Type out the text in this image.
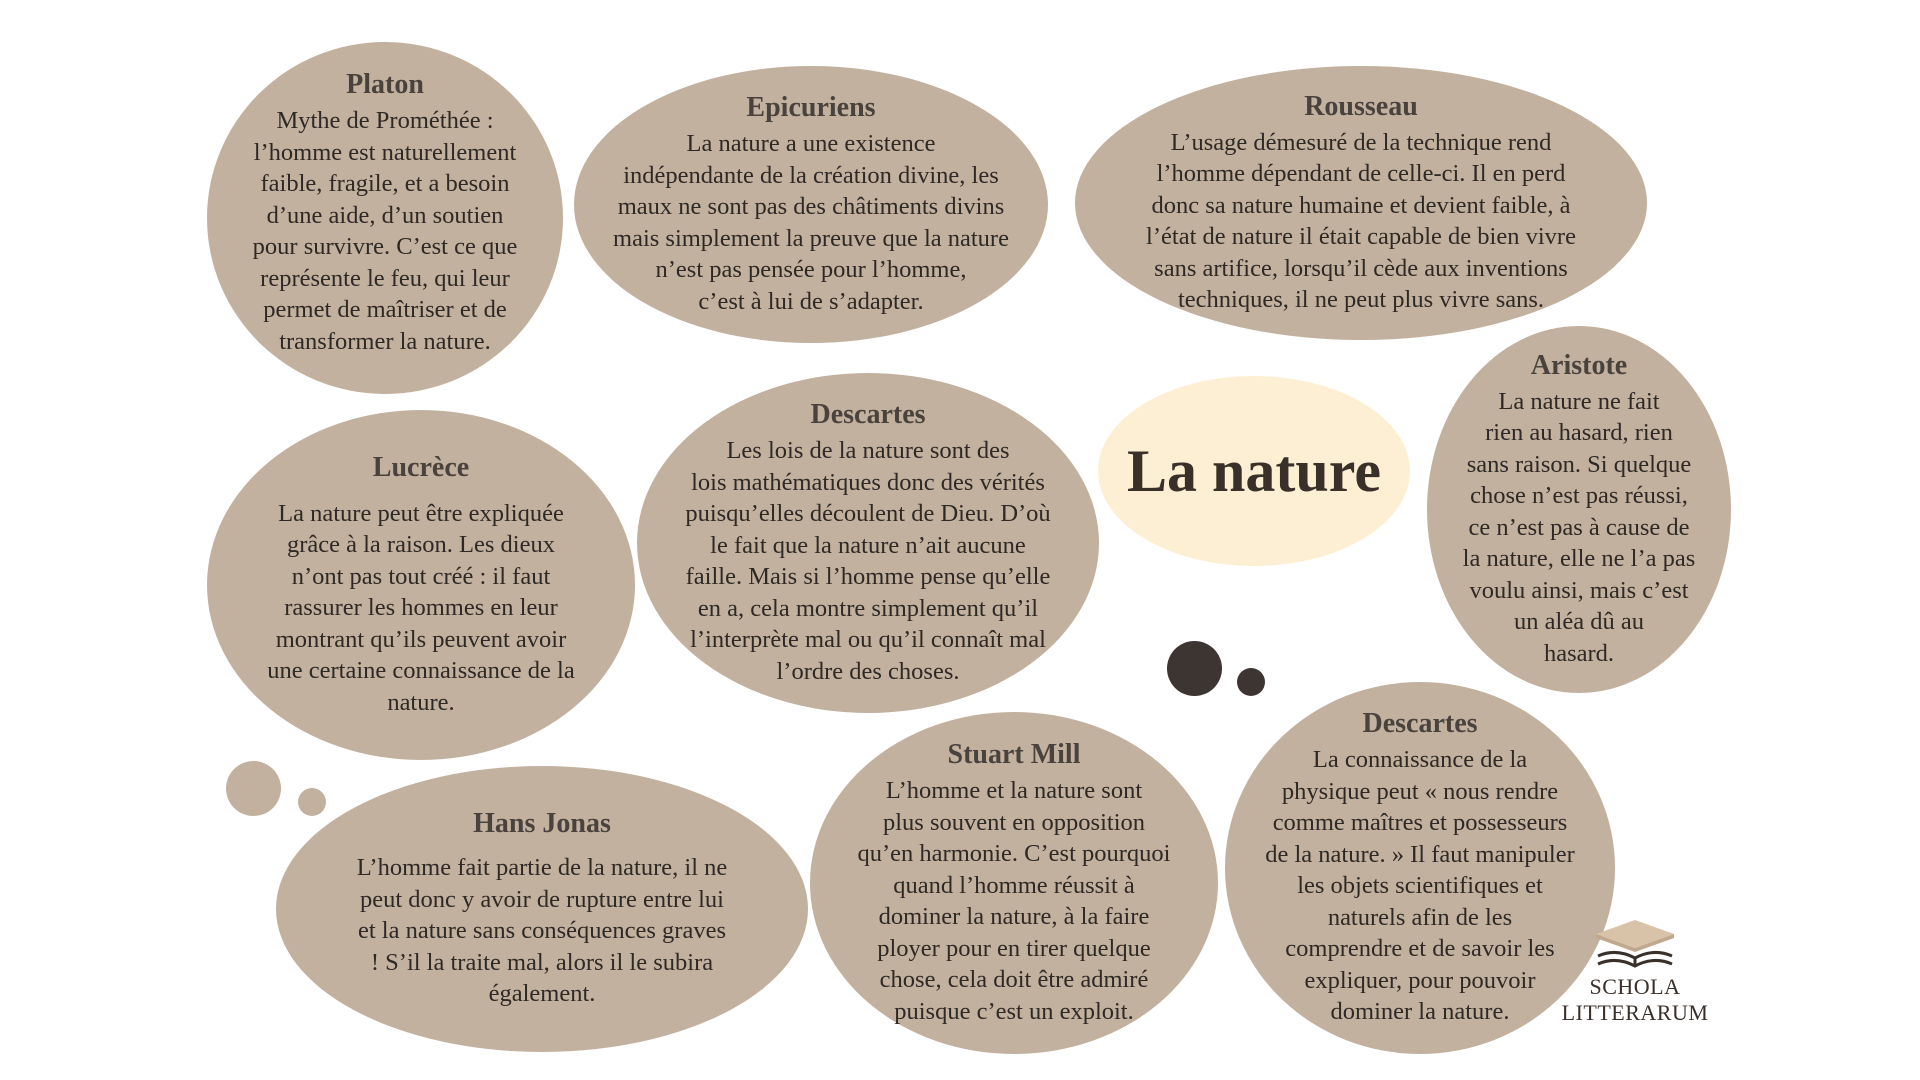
La nature
Platon
Mythe de Prométhée :
l’homme est naturellement
faible, fragile, et a besoin
d’une aide, d’un soutien
pour survivre. C’est ce que
représente le feu, qui leur
permet de maîtriser et de
transformer la nature.
Epicuriens
La nature a une existence
indépendante de la création divine, les
maux ne sont pas des châtiments divins
mais simplement la preuve que la nature
n’est pas pensée pour l’homme,
c’est à lui de s’adapter.
Rousseau
L’usage démesuré de la technique rend
l’homme dépendant de celle-ci. Il en perd
donc sa nature humaine et devient faible, à
l’état de nature il était capable de bien vivre
sans artifice, lorsqu’il cède aux inventions
techniques, il ne peut plus vivre sans.
Aristote
La nature ne fait
rien au hasard, rien
sans raison. Si quelque
chose n’est pas réussi,
ce n’est pas à cause de
la nature, elle ne l’a pas
voulu ainsi, mais c’est
un aléa dû au
hasard.
Lucrèce
La nature peut être expliquée
grâce à la raison. Les dieux
n’ont pas tout créé : il faut
rassurer les hommes en leur
montrant qu’ils peuvent avoir
une certaine connaissance de la
nature.
Descartes
Les lois de la nature sont des
lois mathématiques donc des vérités
puisqu’elles découlent de Dieu. D’où
le fait que la nature n’ait aucune
faille. Mais si l’homme pense qu’elle
en a, cela montre simplement qu’il
l’interprète mal ou qu’il connaît mal
l’ordre des choses.
Hans Jonas
L’homme fait partie de la nature, il ne
peut donc y avoir de rupture entre lui
et la nature sans conséquences graves
! S’il la traite mal, alors il le subira
également.
Stuart Mill
L’homme et la nature sont
plus souvent en opposition
qu’en harmonie. C’est pourquoi
quand l’homme réussit à
dominer la nature, à la faire
ployer pour en tirer quelque
chose, cela doit être admiré
puisque c’est un exploit.
Descartes
La connaissance de la
physique peut « nous rendre
comme maîtres et possesseurs
de la nature. » Il faut manipuler
les objets scientifiques et
naturels afin de les
comprendre et de savoir les
expliquer, pour pouvoir
dominer la nature.
SCHOLA
LITTERARUM
